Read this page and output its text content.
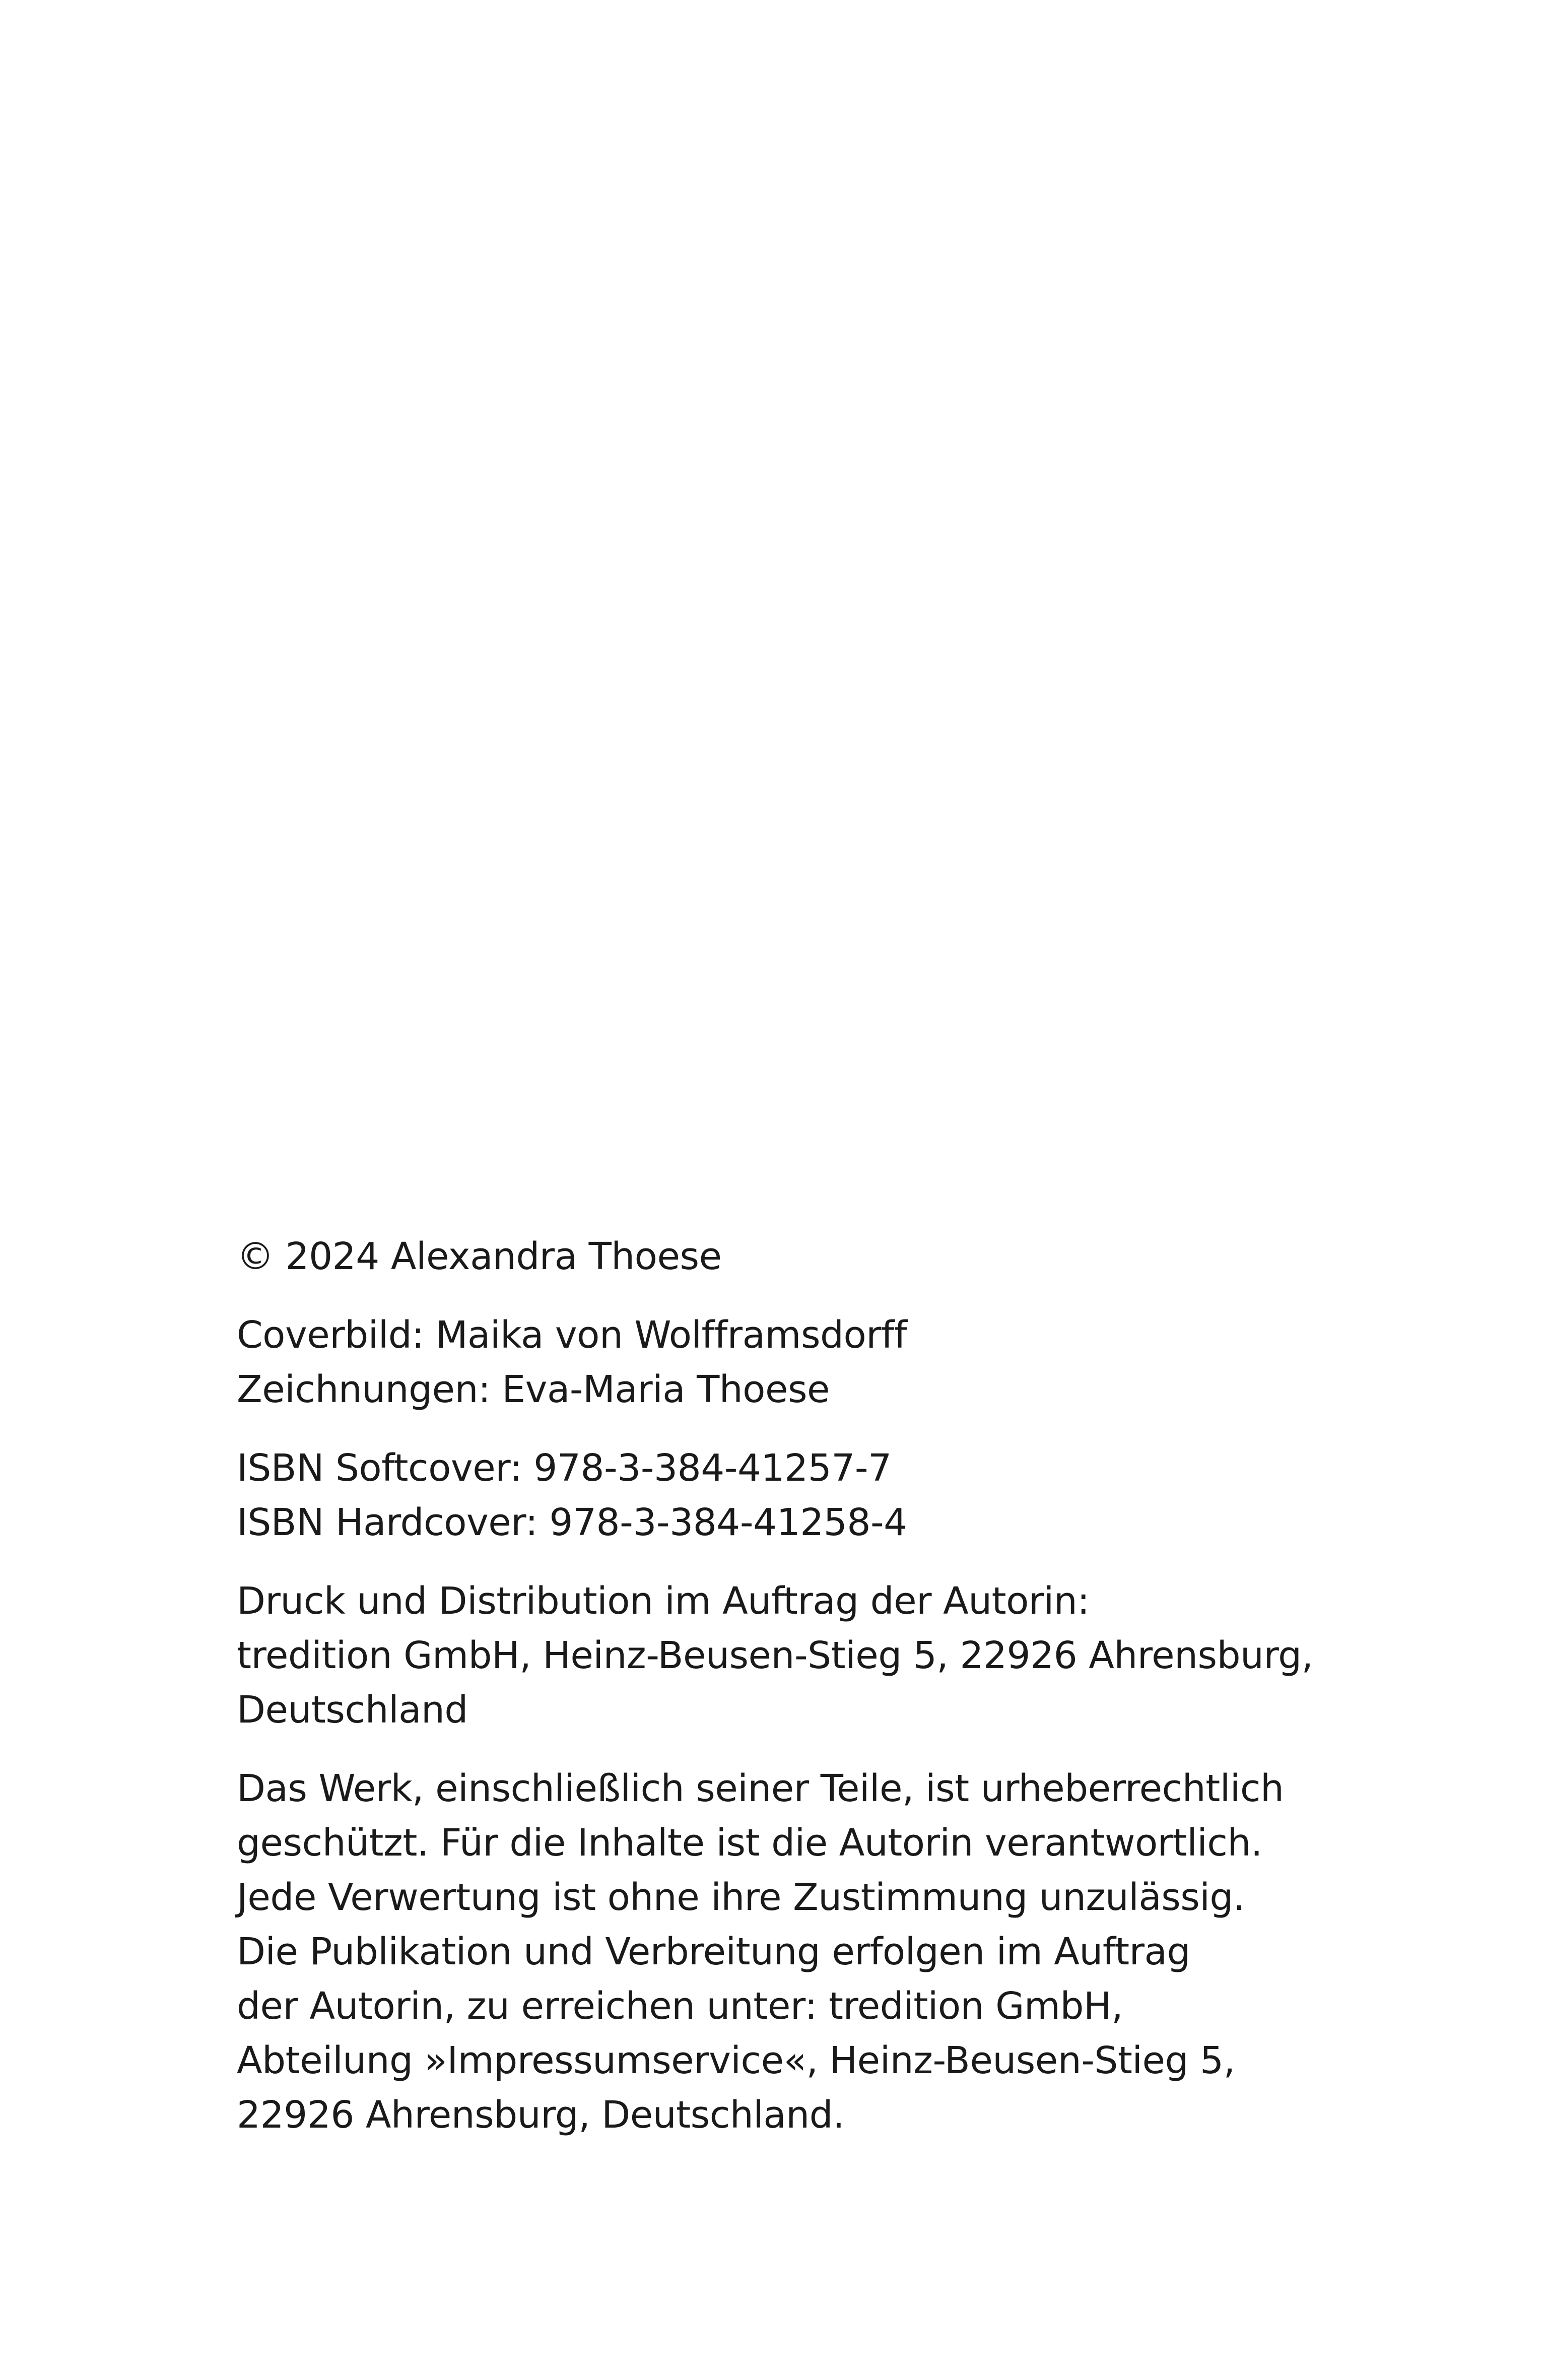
© 2024 Alexandra Thoese
Coverbild: Maika von Wolfframsdorff
Zeichnungen: Eva-Maria Thoese
ISBN Softcover: 978-3-384-41257-7
ISBN Hardcover: 978-3-384-41258-4
Druck und Distribution im Auftrag der Autorin:
tredition GmbH, Heinz-Beusen-Stieg 5, 22926 Ahrensburg,
Deutschland
Das Werk, einschließlich seiner Teile, ist urheberrechtlich
geschützt. Für die Inhalte ist die Autorin verantwortlich.
Jede Verwertung ist ohne ihre Zustimmung unzulässig.
Die Publikation und Verbreitung erfolgen im Auftrag
der Autorin, zu erreichen unter: tredition GmbH,
Abteilung »Impressumservice«, Heinz-Beusen-Stieg 5,
22926 Ahrensburg, Deutschland.
